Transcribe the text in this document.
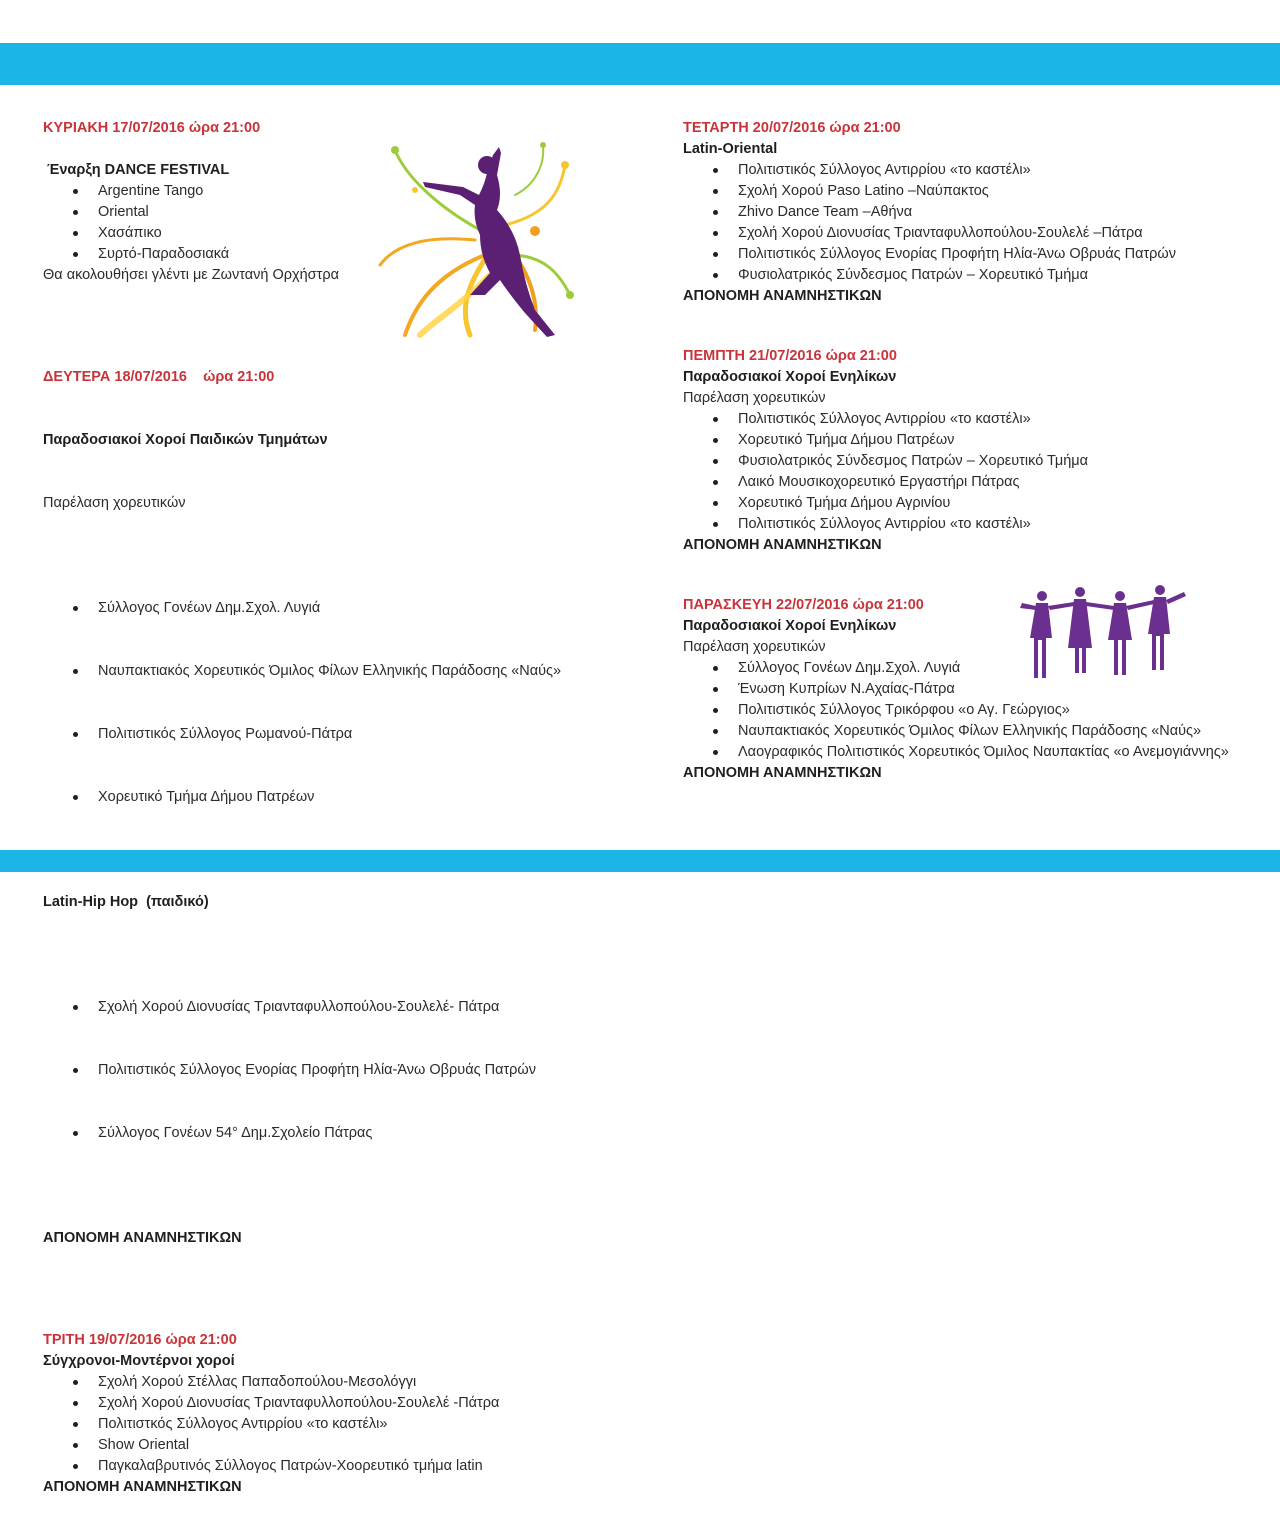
ΚΥΡΙΑΚΗ 17/07/2016 ώρα 21:00
Έναρξη DANCE FESTIVAL
Argentine Tango
Oriental
Χασάπικο
Συρτό-Παραδοσιακά
Θα ακολουθήσει γλέντι με Ζωντανή Ορχήστρα

ΔΕΥΤΕΡΑ 18/07/2016    ώρα 21:00

Παραδοσιακοί Χοροί Παιδικών Τμημάτων

Παρέλαση χορευτικών

Σύλλογος Γονέων Δημ.Σχολ. Λυγιά

Ναυπακτιακός Χορευτικός Όμιλος Φίλων Ελληνικής Παράδοσης «Ναύς»

Πολιτιστικός Σύλλογος Ρωμανού-Πάτρα

Χορευτικό Τμήμα Δήμου Πατρέων

Latin-Hip Hop  (παιδικό)

Σχολή Χορού Διονυσίας Τριανταφυλλοπούλου-Σουλελέ- Πάτρα

Πολιτιστικός Σύλλογος Ενορίας Προφήτη Ηλία-Άνω Οβρυάς Πατρών

Σύλλογος Γονέων 54° Δημ.Σχολείο Πάτρας

ΑΠΟΝΟΜΗ ΑΝΑΜΝΗΣΤΙΚΩΝ

ΤΡΙΤΗ 19/07/2016 ώρα 21:00
Σύγχρονοι-Μοντέρνοι χοροί
Σχολή Χορού Στέλλας Παπαδοπούλου-Μεσολόγγι
Σχολή Χορού Διονυσίας Τριανταφυλλοπούλου-Σουλελέ -Πάτρα
Πολιτιστκός Σύλλογος Αντιρρίου «το καστέλι»
Show Oriental
Παγκαλαβρυτινός Σύλλογος Πατρών-Χοορευτικό τμήμα latin
ΑΠΟΝΟΜΗ ΑΝΑΜΝΗΣΤΙΚΩΝ
ΤΕΤΑΡΤΗ 20/07/2016 ώρα 21:00
Latin-Oriental
Πολιτιστικός Σύλλογος Αντιρρίου «το καστέλι»
Σχολή Χορού Paso Latino –Ναύπακτος
Zhivo Dance Team –Αθήνα
Σχολή Χορού Διονυσίας Τριανταφυλλοπούλου-Σουλελέ –Πάτρα
Πολιτιστικός Σύλλογος Ενορίας Προφήτη Ηλία-Άνω Οβρυάς Πατρών
Φυσιολατρικός Σύνδεσμος Πατρών – Χορευτικό Τμήμα
ΑΠΟΝΟΜΗ ΑΝΑΜΝΗΣΤΙΚΩΝ
ΠΕΜΠΤΗ 21/07/2016 ώρα 21:00
Παραδοσιακοί Χοροί Ενηλίκων
Παρέλαση χορευτικών
Πολιτιστικός Σύλλογος Αντιρρίου «το καστέλι»
Χορευτικό Τμήμα Δήμου Πατρέων
Φυσιολατρικός Σύνδεσμος Πατρών – Χορευτικό Τμήμα
Λαικό Μουσικοχορευτικό Εργαστήρι Πάτρας
Χορευτικό Τμήμα Δήμου Αγρινίου
Πολιτιστικός Σύλλογος Αντιρρίου «το καστέλι»
ΑΠΟΝΟΜΗ ΑΝΑΜΝΗΣΤΙΚΩΝ
ΠΑΡΑΣΚΕΥΗ 22/07/2016 ώρα 21:00
Παραδοσιακοί Χοροί Ενηλίκων
Παρέλαση χορευτικών
Σύλλογος Γονέων Δημ.Σχολ. Λυγιά
Ένωση Κυπρίων Ν.Αχαίας-Πάτρα
Πολιτιστικός Σύλλογος Τρικόρφου «ο Αγ. Γεώργιος»
Ναυπακτιακός Χορευτικός Όμιλος Φίλων Ελληνικής Παράδοσης «Ναύς»
Λαογραφικός Πολιτιστικός Χορευτικός Όμιλος Ναυπακτίας «ο Ανεμογιάννης»
ΑΠΟΝΟΜΗ ΑΝΑΜΝΗΣΤΙΚΩΝ
